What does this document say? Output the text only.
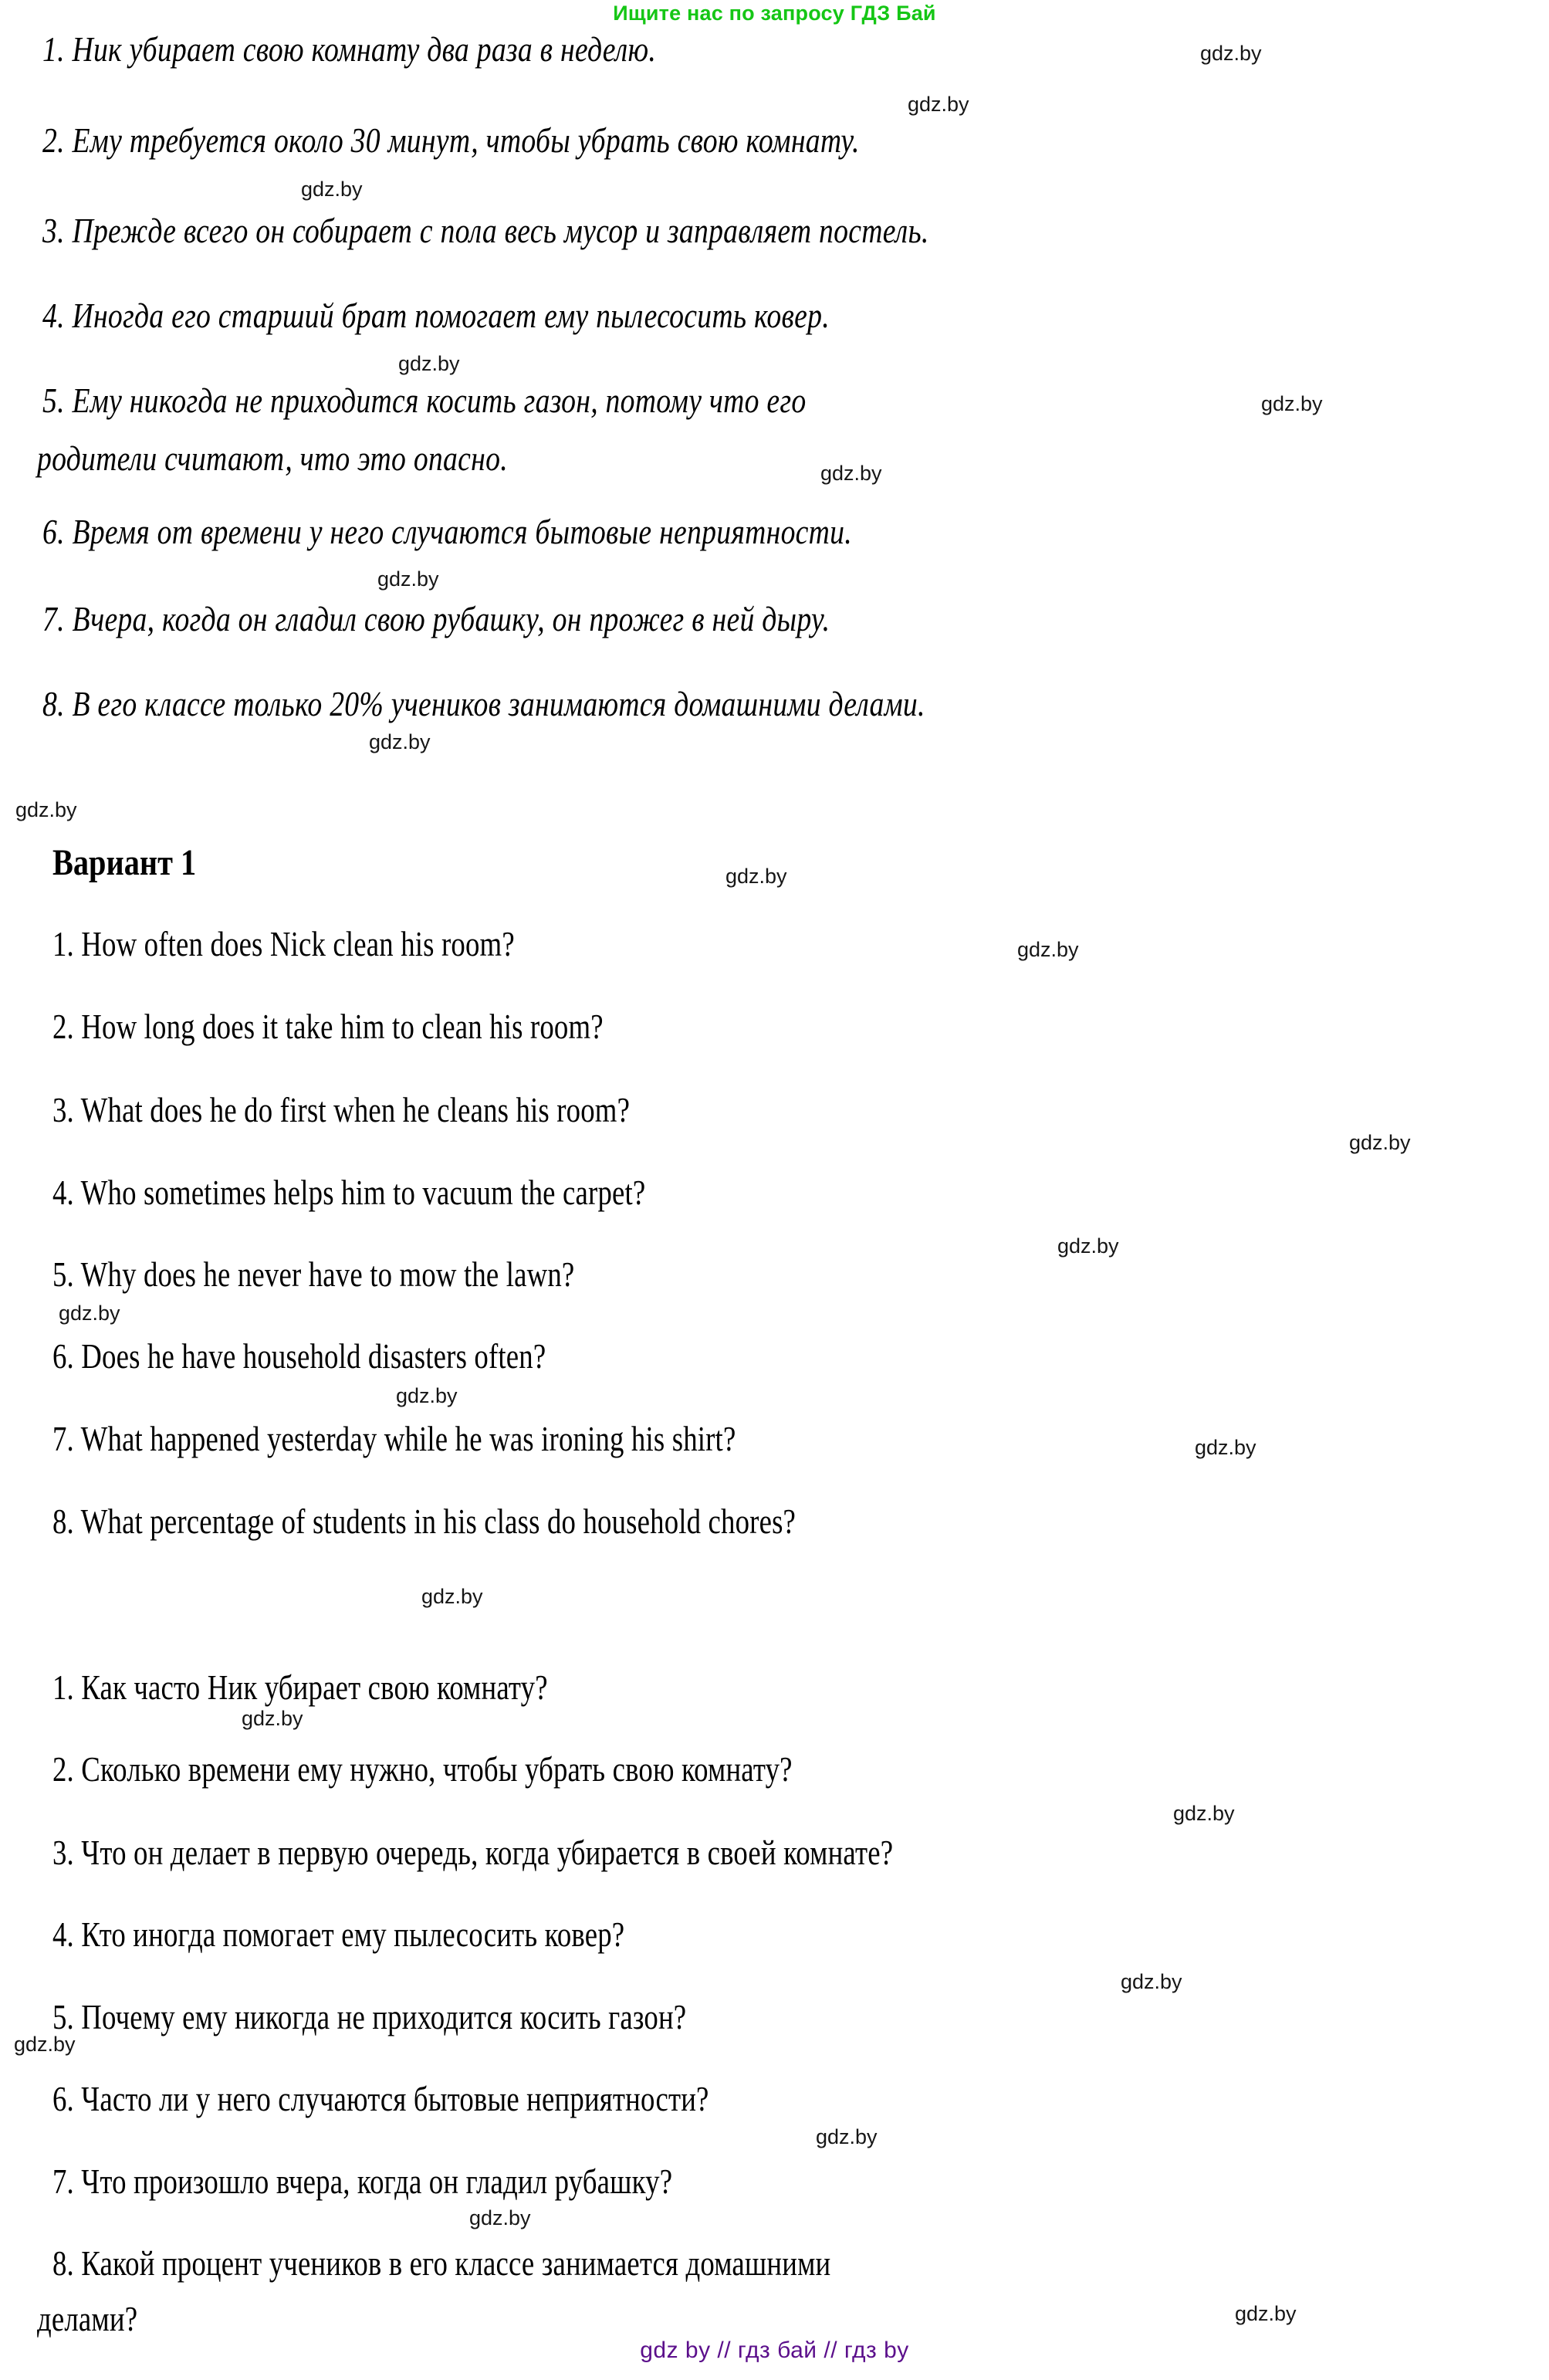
Ищите нас по запросу ГДЗ Бай
gdz.by
gdz.by
gdz.by
gdz.by
gdz.by
gdz.by
gdz.by
gdz.by
gdz.by
gdz.by
gdz.by
gdz.by
gdz.by
gdz.by
gdz.by
gdz.by
gdz.by
gdz.by
gdz.by
gdz.by
gdz.by
gdz.by
gdz.by
gdz.by
1. Ник убирает свою комнату два раза в неделю.
2. Ему требуется около 30 минут, чтобы убрать свою комнату.
3. Прежде всего он собирает с пола весь мусор и заправляет постель.
4. Иногда его старший брат помогает ему пылесосить ковер.
5. Ему никогда не приходится косить газон, потому что его
родители считают, что это опасно.
6. Время от времени у него случаются бытовые неприятности.
7. Вчера, когда он гладил свою рубашку, он прожег в ней дыру.
8. В его классе только 20% учеников занимаются домашними делами.
Вариант 1
1. How often does Nick clean his room?
2. How long does it take him to clean his room?
3. What does he do first when he cleans his room?
4. Who sometimes helps him to vacuum the carpet?
5. Why does he never have to mow the lawn?
6. Does he have household disasters often?
7. What happened yesterday while he was ironing his shirt?
8. What percentage of students in his class do household chores?
1. Как часто Ник убирает свою комнату?
2. Сколько времени ему нужно, чтобы убрать свою комнату?
3. Что он делает в первую очередь, когда убирается в своей комнате?
4. Кто иногда помогает ему пылесосить ковер?
5. Почему ему никогда не приходится косить газон?
6. Часто ли у него случаются бытовые неприятности?
7. Что произошло вчера, когда он гладил рубашку?
8. Какой процент учеников в его классе занимается домашними
делами?
gdz by // гдз бай // гдз by
